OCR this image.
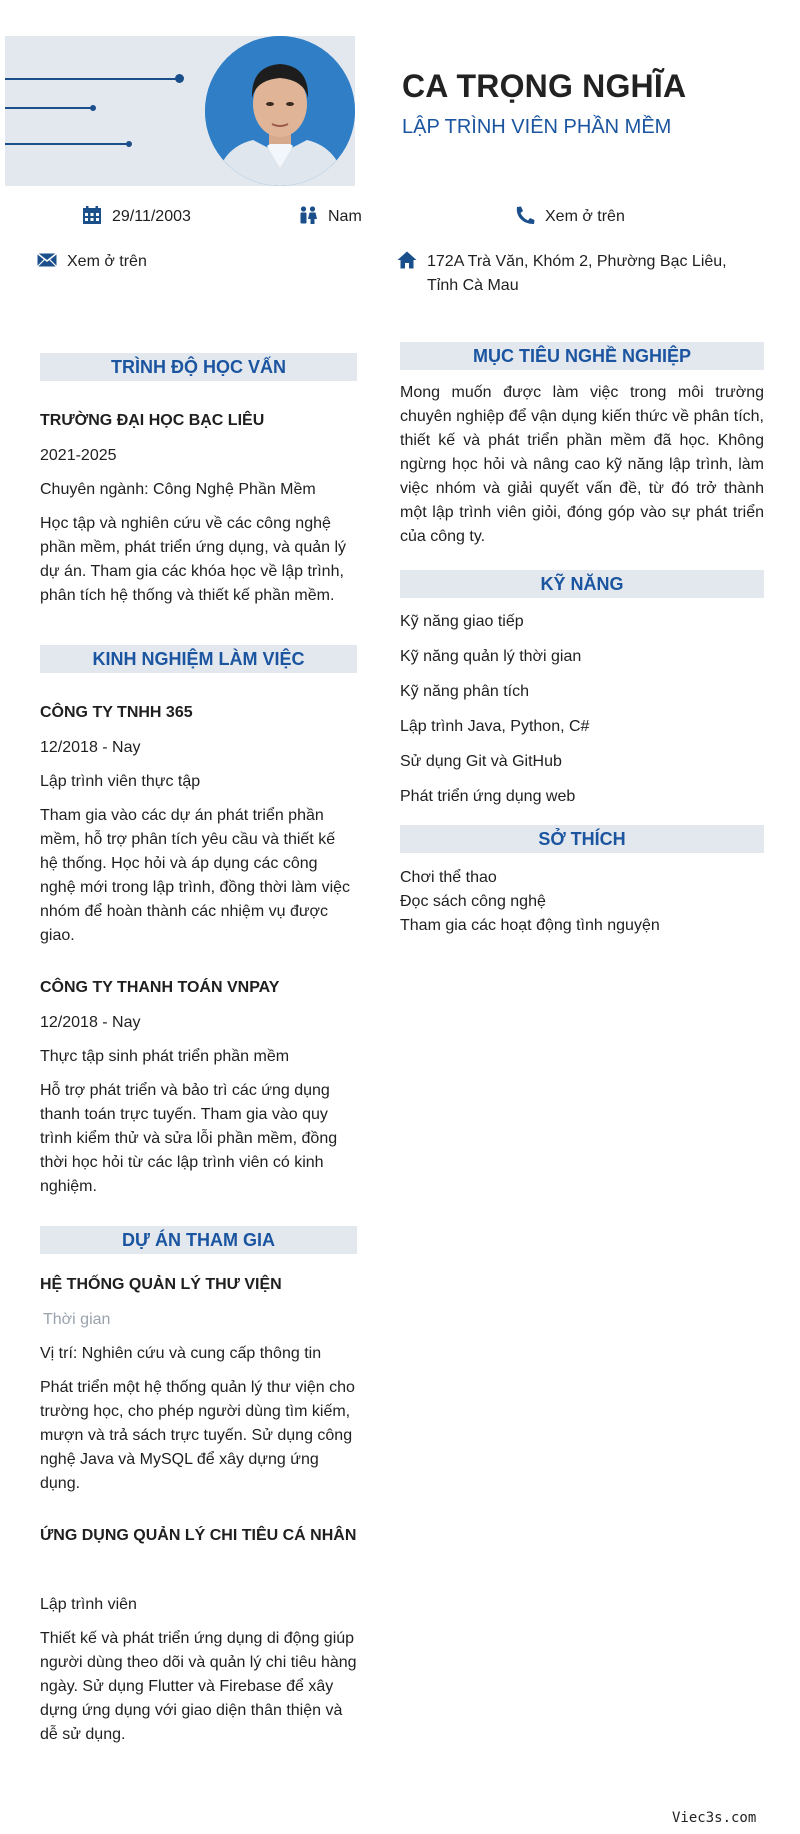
CA TRỌNG NGHĨA
LẬP TRÌNH VIÊN PHẦN MỀM
29/11/2003	Nam	Xem ở trên
Xem ở trên	172A Trà Văn, Khóm 2, Phường Bạc Liêu, Tỉnh Cà Mau
TRÌNH ĐỘ HỌC VẤN
TRƯỜNG ĐẠI HỌC BẠC LIÊU
2021-2025
Chuyên ngành: Công Nghệ Phần Mềm
Học tập và nghiên cứu về các công nghệ phần mềm, phát triển ứng dụng, và quản lý dự án. Tham gia các khóa học về lập trình, phân tích hệ thống và thiết kế phần mềm.
KINH NGHIỆM LÀM VIỆC
CÔNG TY TNHH 365
12/2018 - Nay
Lập trình viên thực tập
Tham gia vào các dự án phát triển phần mềm, hỗ trợ phân tích yêu cầu và thiết kế hệ thống. Học hỏi và áp dụng các công nghệ mới trong lập trình, đồng thời làm việc nhóm để hoàn thành các nhiệm vụ được giao.
CÔNG TY THANH TOÁN VNPAY
12/2018 - Nay
Thực tập sinh phát triển phần mềm
Hỗ trợ phát triển và bảo trì các ứng dụng thanh toán trực tuyến. Tham gia vào quy trình kiểm thử và sửa lỗi phần mềm, đồng thời học hỏi từ các lập trình viên có kinh nghiệm.
DỰ ÁN THAM GIA
HỆ THỐNG QUẢN LÝ THƯ VIỆN
Thời gian
Vị trí: Nghiên cứu và cung cấp thông tin
Phát triển một hệ thống quản lý thư viện cho trường học, cho phép người dùng tìm kiếm, mượn và trả sách trực tuyến. Sử dụng công nghệ Java và MySQL để xây dựng ứng dụng.
ỨNG DỤNG QUẢN LÝ CHI TIÊU CÁ NHÂN
Lập trình viên
Thiết kế và phát triển ứng dụng di động giúp người dùng theo dõi và quản lý chi tiêu hàng ngày. Sử dụng Flutter và Firebase để xây dựng ứng dụng với giao diện thân thiện và dễ sử dụng.
MỤC TIÊU NGHỀ NGHIỆP
Mong muốn được làm việc trong môi trường chuyên nghiệp để vận dụng kiến thức về phân tích, thiết kế và phát triển phần mềm đã học. Không ngừng học hỏi và nâng cao kỹ năng lập trình, làm việc nhóm và giải quyết vấn đề, từ đó trở thành một lập trình viên giỏi, đóng góp vào sự phát triển của công ty.
KỸ NĂNG
Kỹ năng giao tiếp
Kỹ năng quản lý thời gian
Kỹ năng phân tích
Lập trình Java, Python, C#
Sử dụng Git và GitHub
Phát triển ứng dụng web
SỞ THÍCH
Chơi thể thao
Đọc sách công nghệ
Tham gia các hoạt động tình nguyện
Viec3s.com
